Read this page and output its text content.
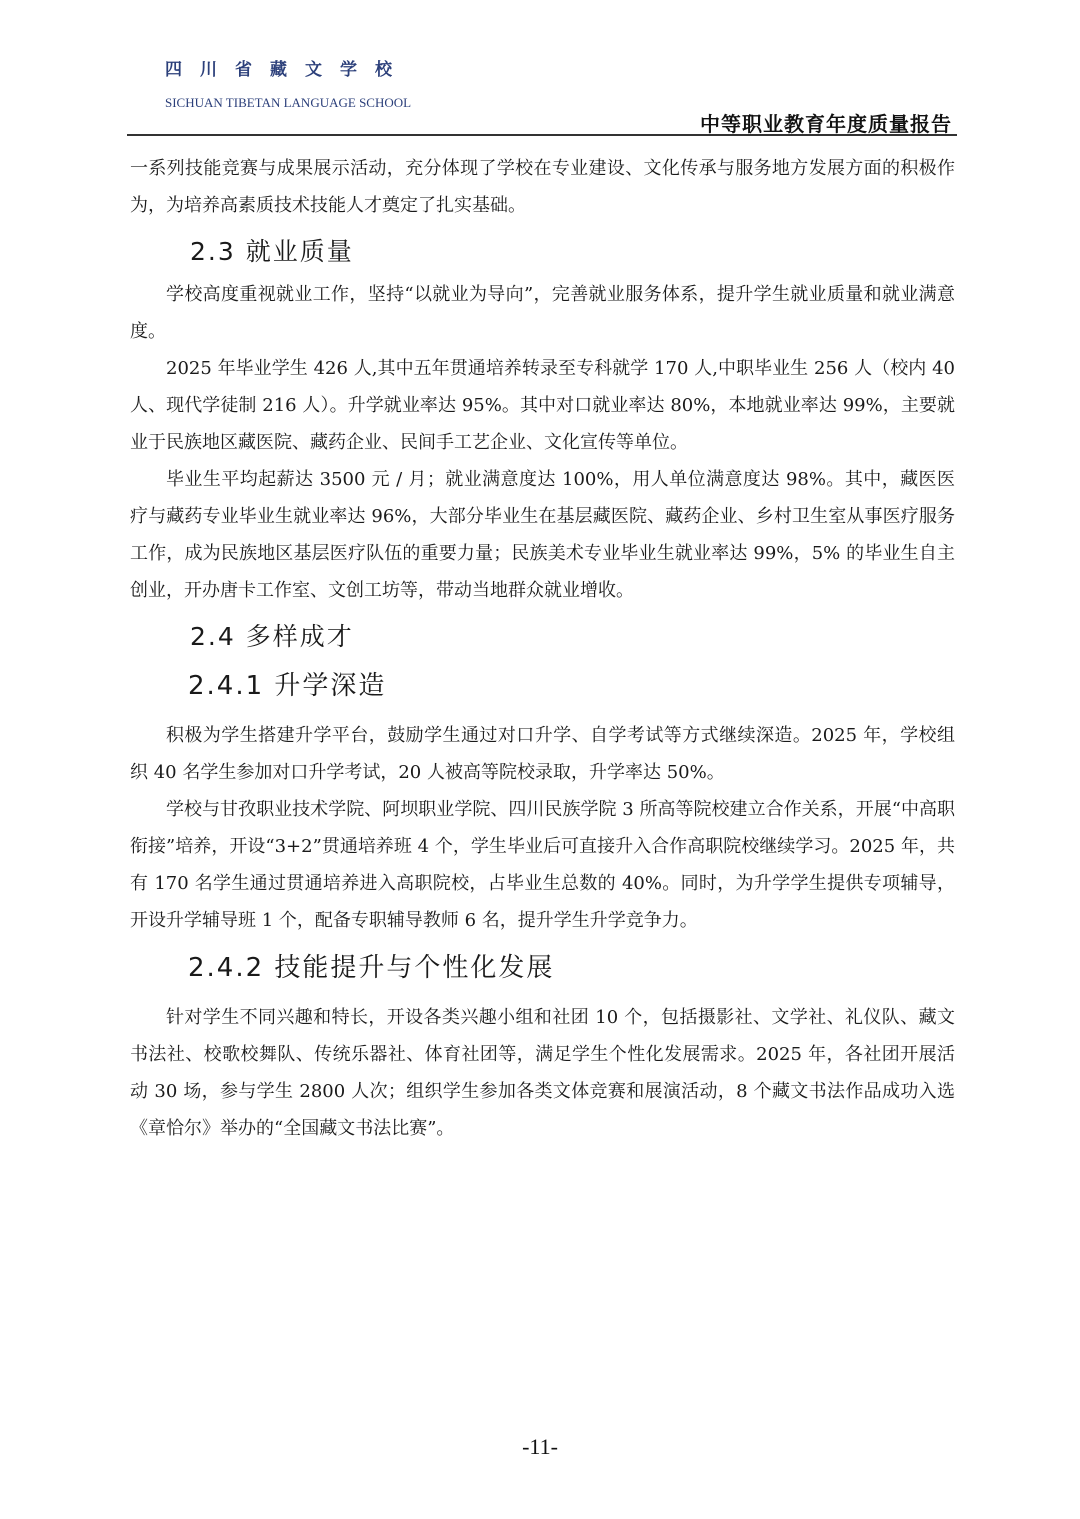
四川省藏文学校
SICHUAN TIBETAN LANGUAGE SCHOOL
中等职业教育年度质量报告

一系列技能竞赛与成果展示活动，充分体现了学校在专业建设、文化传承与服务地方发展方面的积极作为，为培养高素质技术技能人才奠定了扎实基础。

2.3 就业质量

学校高度重视就业工作，坚持“以就业为导向”，完善就业服务体系，提升学生就业质量和就业满意度。

2025 年毕业学生 426 人,其中五年贯通培养转录至专科就学 170 人,中职毕业生 256 人（校内 40 人、现代学徒制 216 人）。升学就业率达 95%。其中对口就业率达 80%，本地就业率达 99%，主要就业于民族地区藏医院、藏药企业、民间手工艺企业、文化宣传等单位。

毕业生平均起薪达 3500 元 / 月；就业满意度达 100%，用人单位满意度达 98%。其中，藏医医疗与藏药专业毕业生就业率达 96%，大部分毕业生在基层藏医院、藏药企业、乡村卫生室从事医疗服务工作，成为民族地区基层医疗队伍的重要力量；民族美术专业毕业生就业率达 99%，5% 的毕业生自主创业，开办唐卡工作室、文创工坊等，带动当地群众就业增收。

2.4 多样成才
2.4.1 升学深造

积极为学生搭建升学平台，鼓励学生通过对口升学、自学考试等方式继续深造。2025 年，学校组织 40 名学生参加对口升学考试，20 人被高等院校录取，升学率达 50%。

学校与甘孜职业技术学院、阿坝职业学院、四川民族学院 3 所高等院校建立合作关系，开展“中高职衔接”培养，开设“3+2”贯通培养班 4 个，学生毕业后可直接升入合作高职院校继续学习。2025 年，共有 170 名学生通过贯通培养进入高职院校，占毕业生总数的 40%。同时，为升学学生提供专项辅导，开设升学辅导班 1 个，配备专职辅导教师 6 名，提升学生升学竞争力。

2.4.2 技能提升与个性化发展

针对学生不同兴趣和特长，开设各类兴趣小组和社团 10 个，包括摄影社、文学社、礼仪队、藏文书法社、校歌校舞队、传统乐器社、体育社团等，满足学生个性化发展需求。2025 年，各社团开展活动 30 场，参与学生 2800 人次；组织学生参加各类文体竞赛和展演活动，8 个藏文书法作品成功入选《章恰尔》举办的“全国藏文书法比赛”。

-11-
